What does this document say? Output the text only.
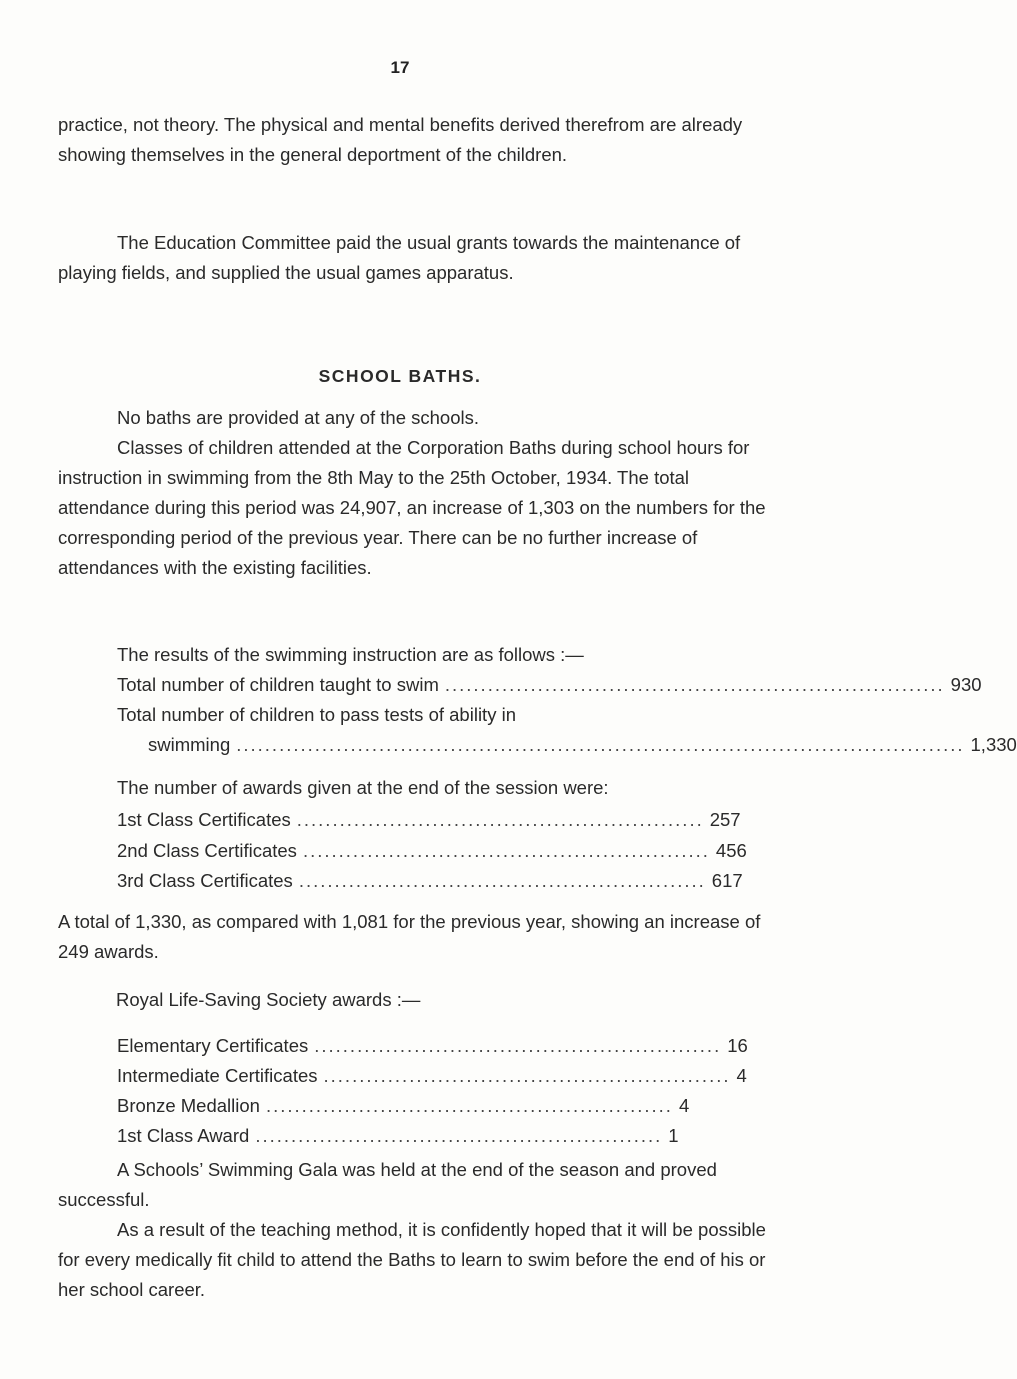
17

practice, not theory. The physical and mental benefits derived therefrom are already showing themselves in the general deportment of the children.

The Education Committee paid the usual grants towards the maintenance of playing fields, and supplied the usual games apparatus.

SCHOOL BATHS.

No baths are provided at any of the schools.

Classes of children attended at the Corporation Baths during school hours for instruction in swimming from the 8th May to the 25th October, 1934. The total attendance during this period was 24,907, an increase of 1,303 on the numbers for the corresponding period of the previous year. There can be no further increase of attendances with the existing facilities.

The results of the swimming instruction are as follows :—

Total number of children taught to swim ...................................................................... 930
Total number of children to pass tests of ability in
swimming ...................................................................................................... 1,330

The number of awards given at the end of the session were:

1st Class Certificates ......................................................... 257
2nd Class Certificates ......................................................... 456
3rd Class Certificates ......................................................... 617

A total of 1,330, as compared with 1,081 for the previous year, showing an increase of 249 awards.

Royal Life-Saving Society awards :—

Elementary Certificates ......................................................... 16
Intermediate Certificates ......................................................... 4
Bronze Medallion ......................................................... 4
1st Class Award ......................................................... 1

A Schools’ Swimming Gala was held at the end of the season and proved successful.

As a result of the teaching method, it is confidently hoped that it will be possible for every medically fit child to attend the Baths to learn to swim before the end of his or her school career.
